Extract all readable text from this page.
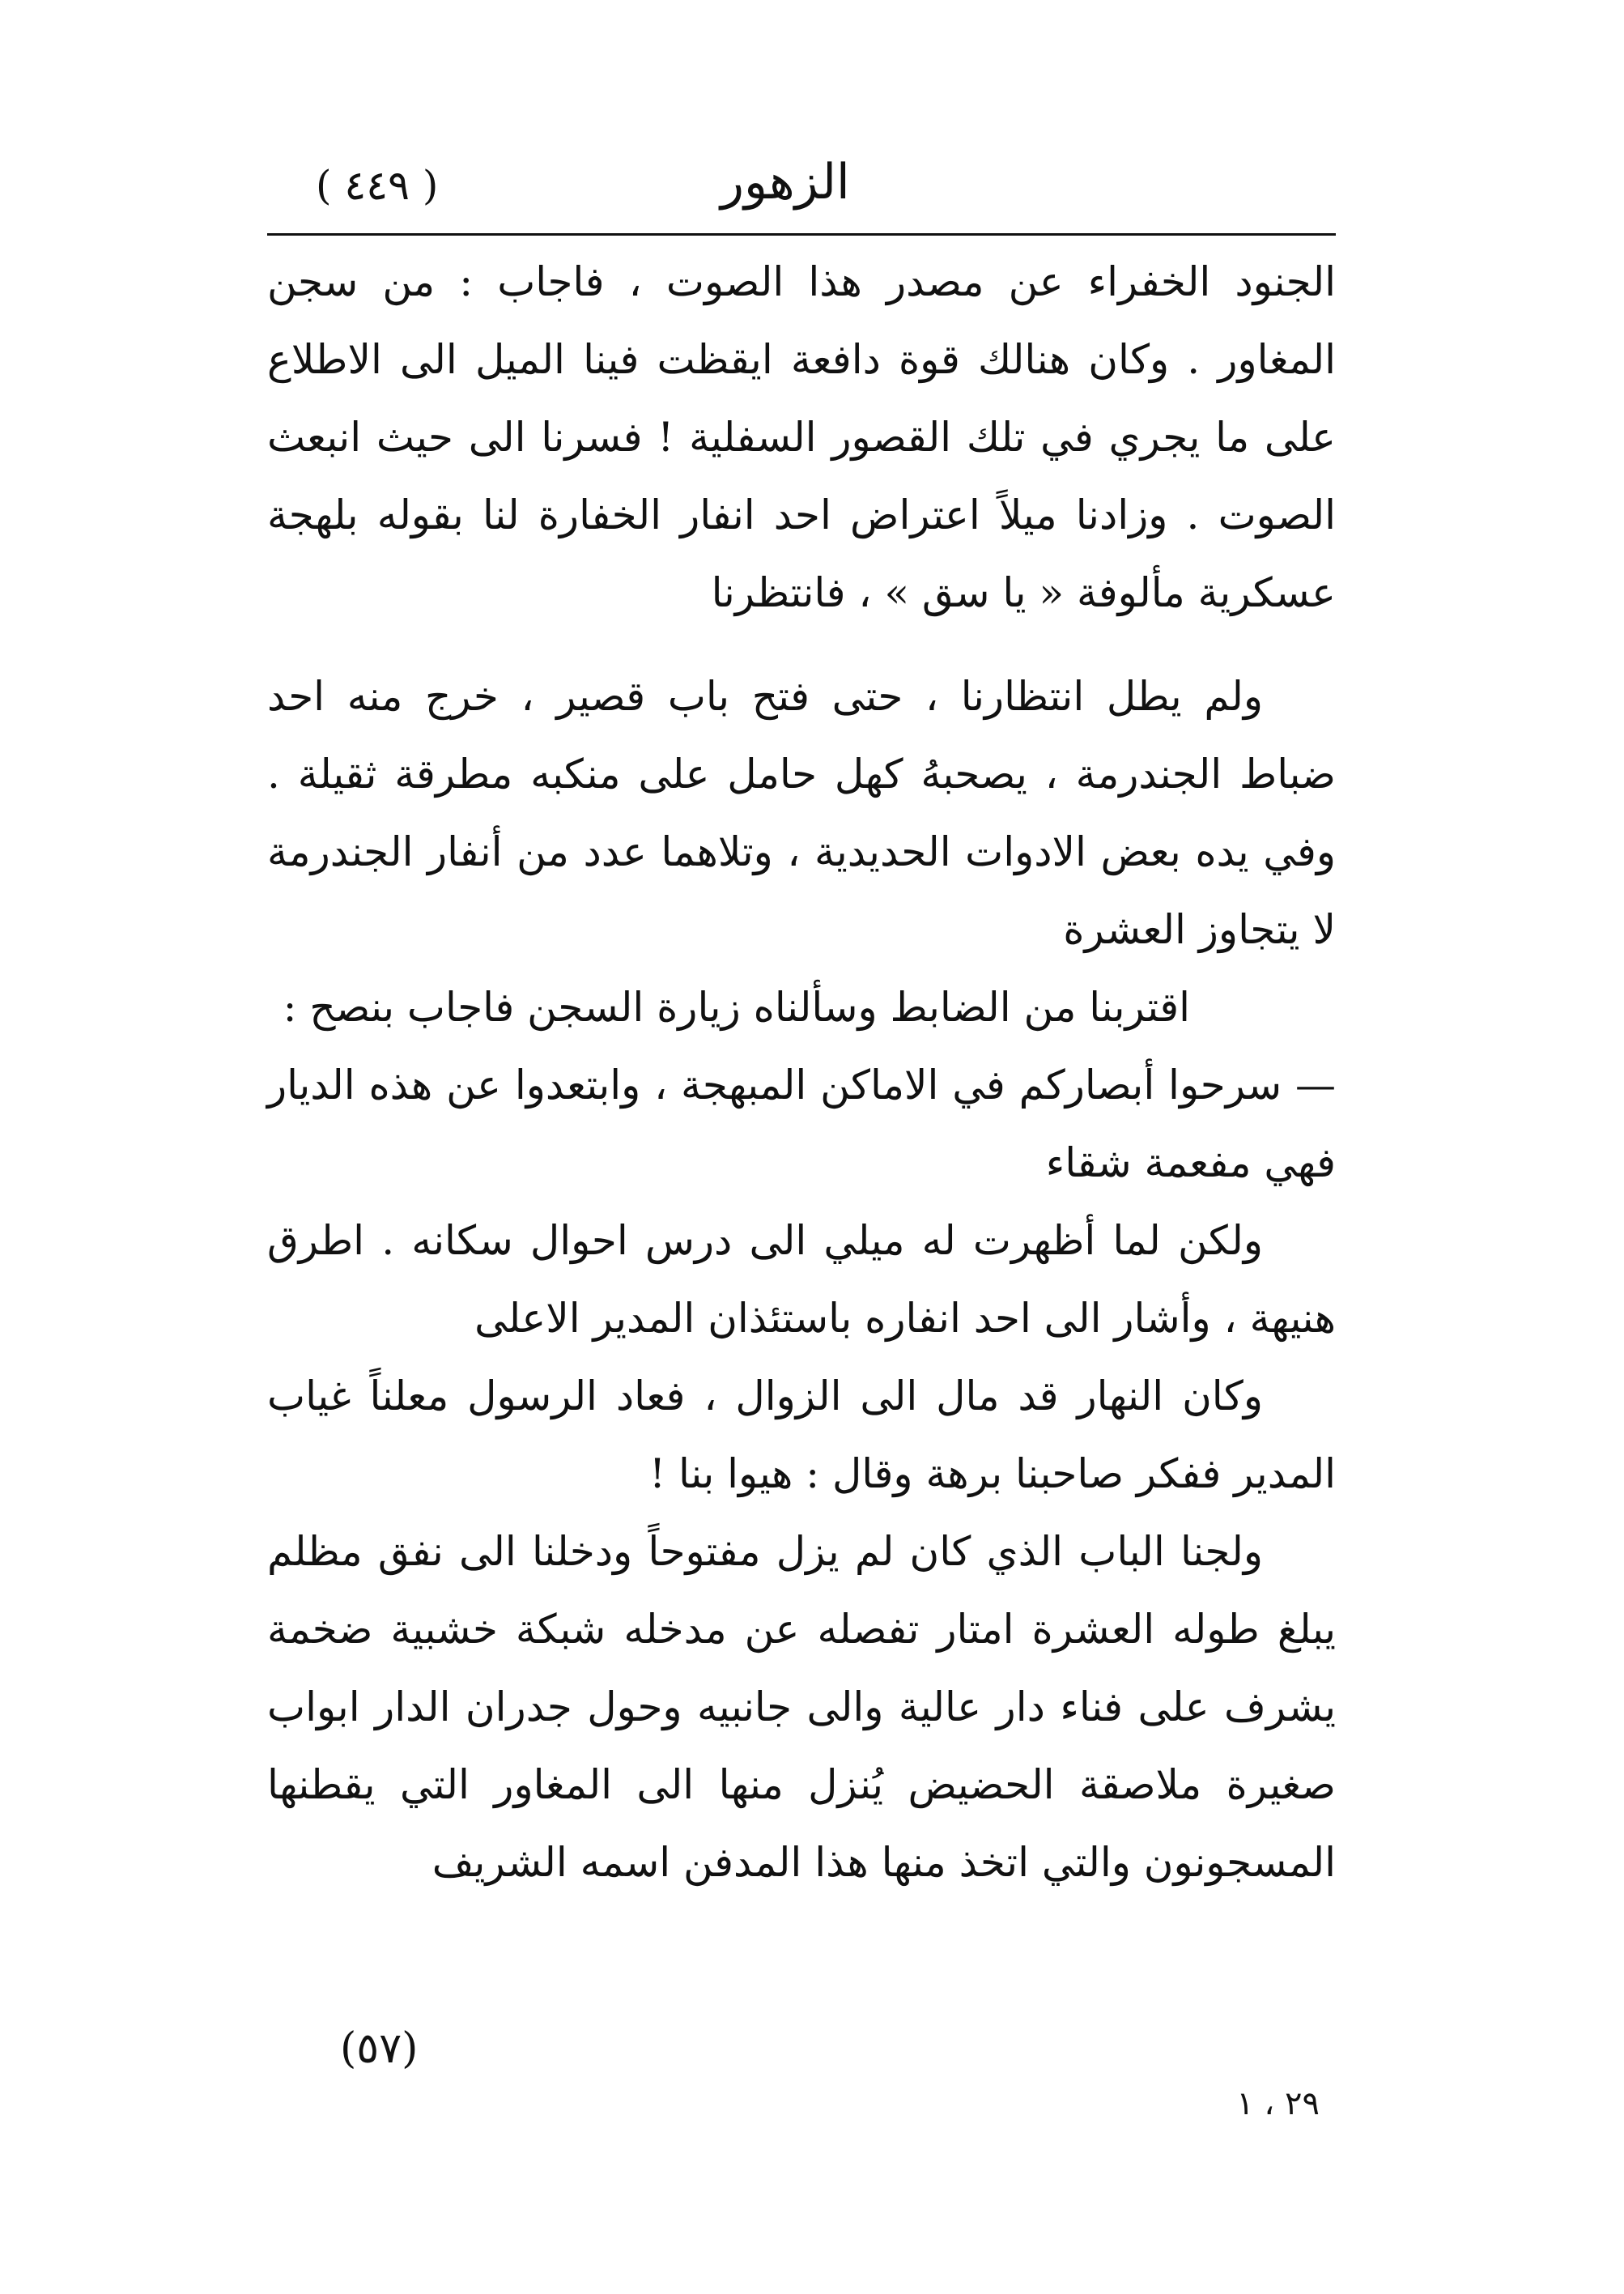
( ٤٤٩ )	الزهور

الجنود الخفراء عن مصدر هذا الصوت ، فاجاب : من سجن المغاور . وكان هنالك قوة دافعة ايقظت فينا الميل الى الاطلاع على ما يجري في تلك القصور السفلية ! فسرنا الى حيث انبعث الصوت . وزادنا ميلاً اعتراض احد انفار الخفارة لنا بقوله بلهجة عسكرية مألوفة « يا سق » ، فانتظرنا

ولم يطل انتظارنا ، حتى فتح باب قصير ، خرج منه احد ضباط الجندرمة ، يصحبهُ كهل حامل على منكبه مطرقة ثقيلة . وفي يده بعض الادوات الحديدية ، وتلاهما عدد من أنفار الجندرمة لا يتجاوز العشرة

اقتربنا من الضابط وسألناه زيارة السجن فاجاب بنصح :

— سرحوا أبصاركم في الاماكن المبهجة ، وابتعدوا عن هذه الديار فهي مفعمة شقاء

ولكن لما أظهرت له ميلي الى درس احوال سكانه . اطرق هنيهة ، وأشار الى احد انفاره باستئذان المدير الاعلى

وكان النهار قد مال الى الزوال ، فعاد الرسول معلناً غياب المدير ففكر صاحبنا برهة وقال : هيوا بنا !

ولجنا الباب الذي كان لم يزل مفتوحاً ودخلنا الى نفق مظلم يبلغ طوله العشرة امتار تفصله عن مدخله شبكة خشبية ضخمة يشرف على فناء دار عالية والى جانبيه وحول جدران الدار ابواب صغيرة ملاصقة الحضيض يُنزل منها الى المغاور التي يقطنها المسجونون والتي اتخذ منها هذا المدفن اسمه الشريف

(٥٧)
٢٩ ، ١
